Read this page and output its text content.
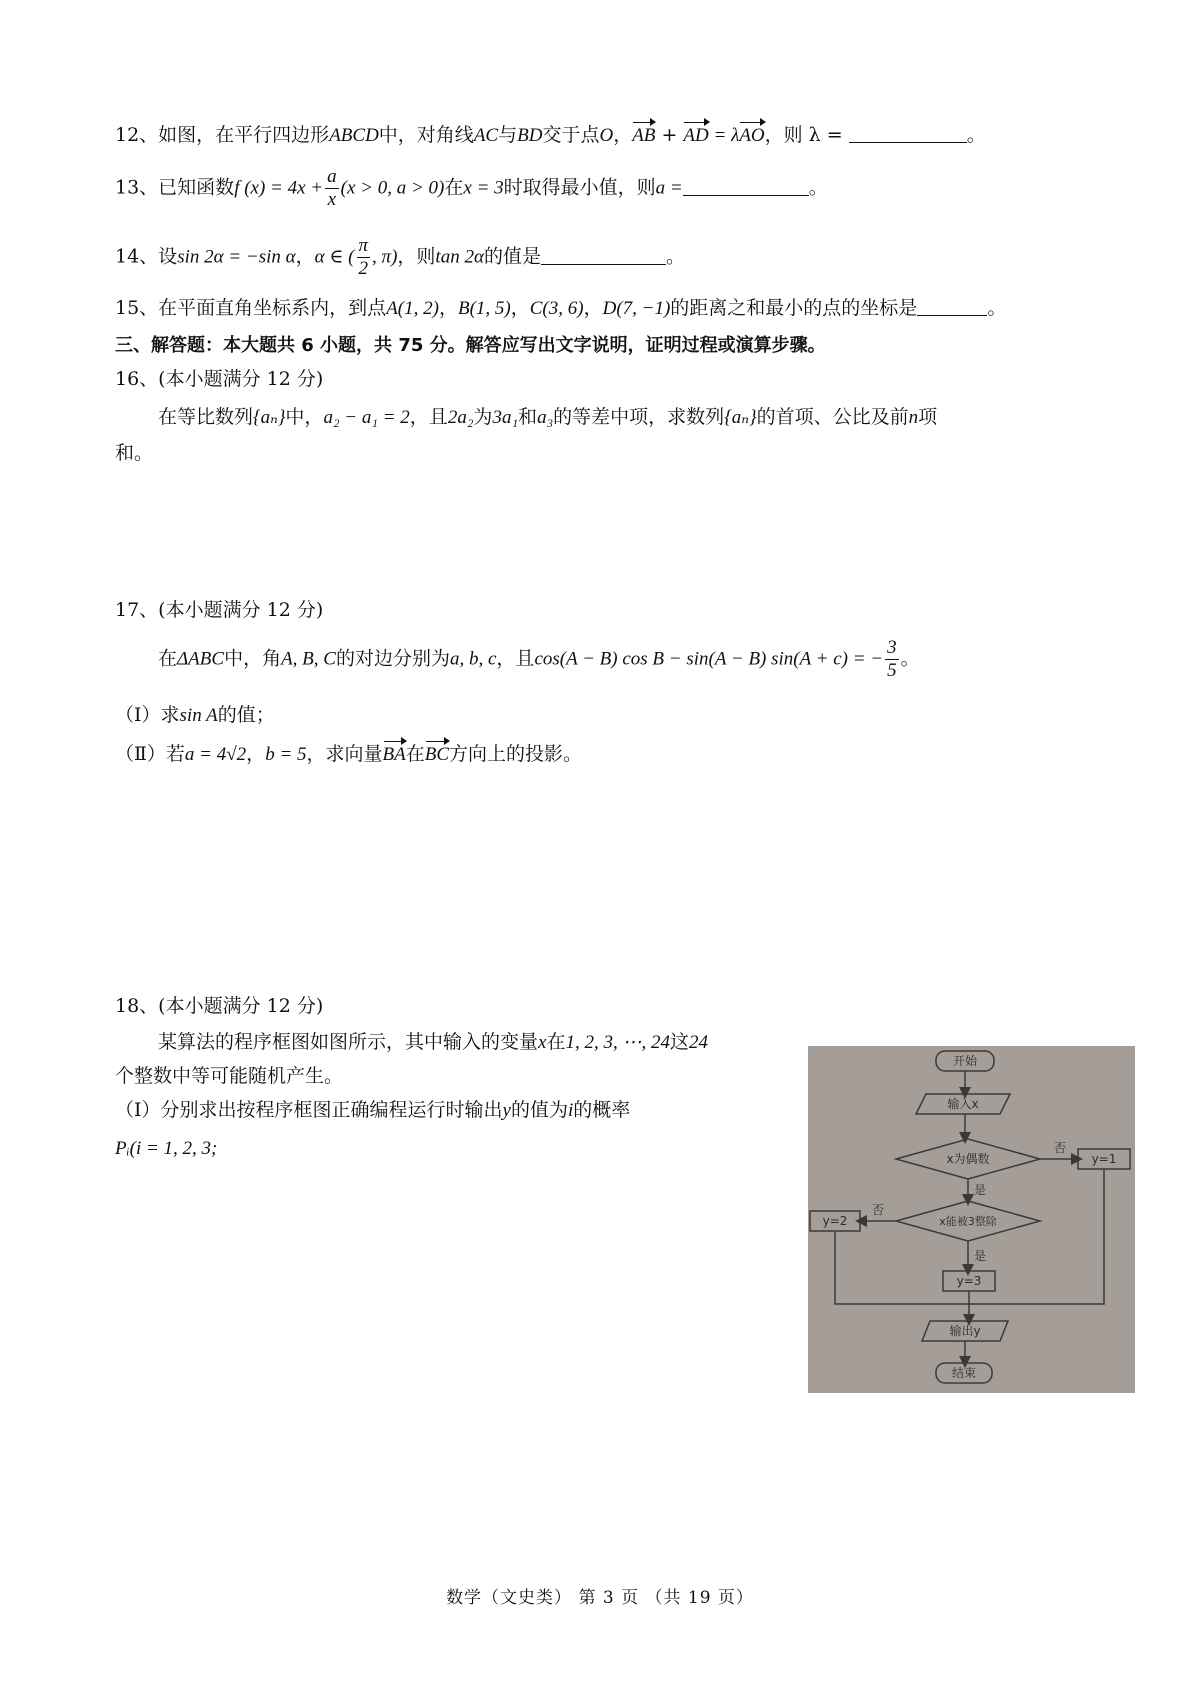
12、如图，在平行四边形ABCD中，对角线AC与BD交于点O，AB + AD = λAO，则 λ =	。
13、已知函数f $(x) = 4x + \frac{a}{x} (x > 0$, a > 0)在x = 3时取得最小值，则a =	。
14、设sin 2α = −sin α，α ∈ ( $\frac{\pi}{2}$ , π)，则tan 2α的值是	。
15、在平面直角坐标系内，到点A(1, 2)，B(1, 5)，C(3, 6)，D(7, −1)的距离之和最小的点的坐标是	。
三、解答题：本大题共 6 小题，共 75 分。解答应写出文字说明，证明过程或演算步骤。
16、(本小题满分 12 分)
在等比数列{aₙ}中，a₂ − a₁ = 2，且2a₂为3a₁和a₃的等差中项，求数列{aₙ}的首项、公比及前n项
和。
17、(本小题满分 12 分)
在ΔABC中，角A, B, C的对边分别为a, b, c，且cos(A − B) cos B − sin(A − B) sin(A + c) = − $\frac{3}{5}$ 。
（Ⅰ）求sin A的值；
（Ⅱ）若a = 4√2，b = 5，求向量BA在BC方向上的投影。
18、(本小题满分 12 分)
某算法的程序框图如图所示，其中输入的变量x在1, 2, 3, ⋯, 24这24
个整数中等可能随机产生。
（Ⅰ）分别求出按程序框图正确编程运行时输出y的值为i的概率
Pᵢ(i = 1, 2, 3;
开始
输入x
x为偶数
否
y=1
是
x能被3整除
否
y=2
是
y=3
输出y
结束
数学（文史类） 第 3 页 （共 19 页）
